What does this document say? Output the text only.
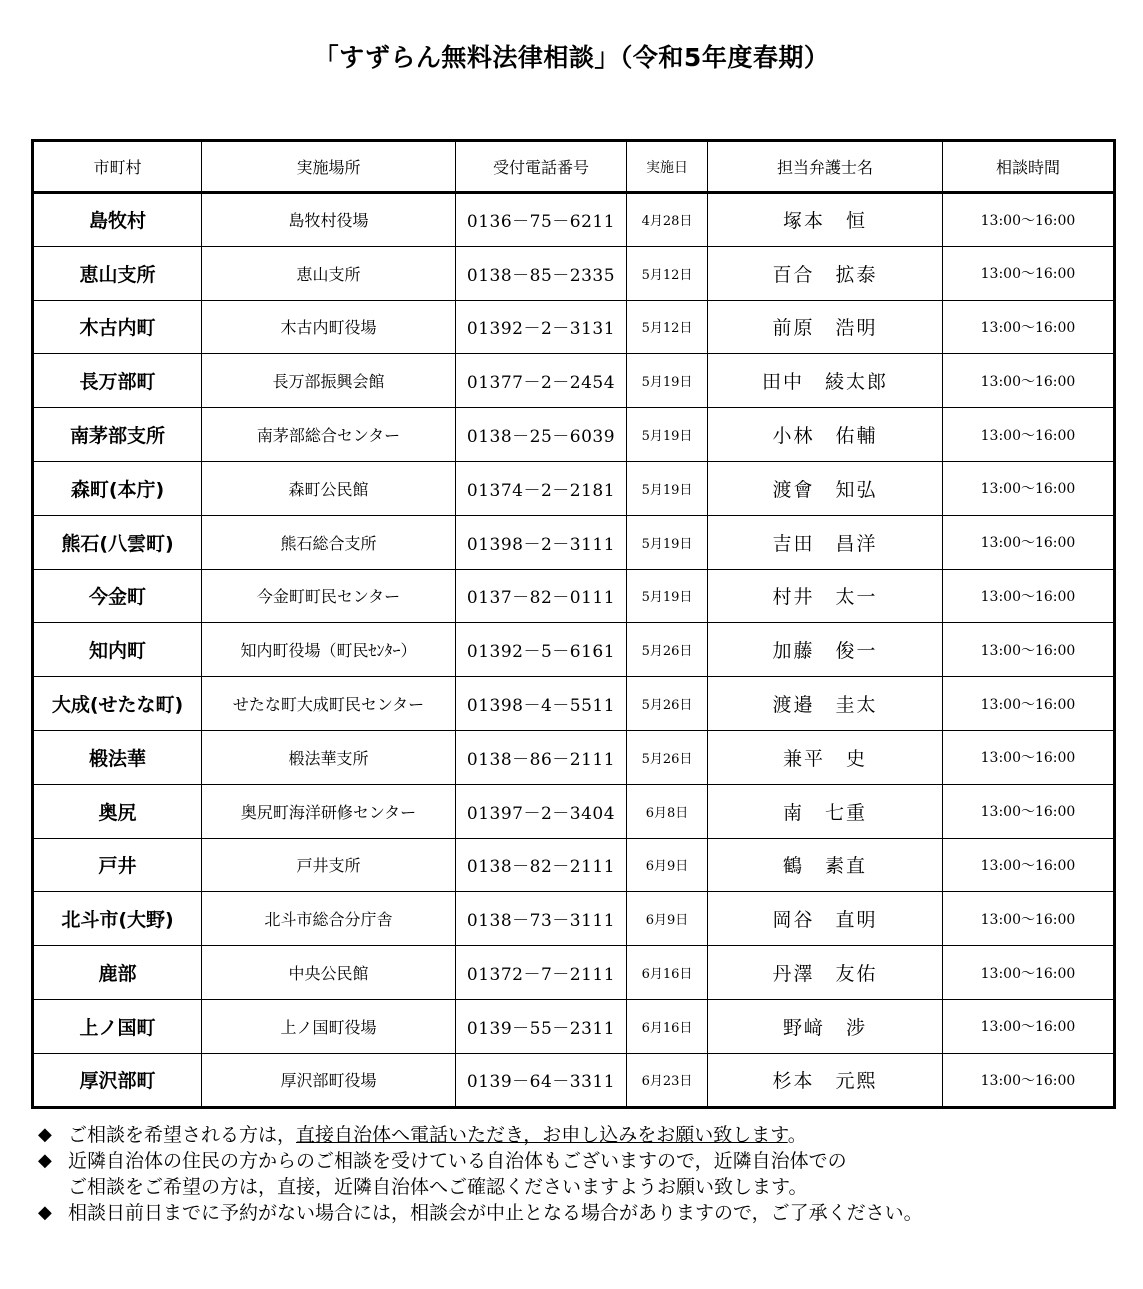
「すずらん無料法律相談」（令和5年度春期）
市町村	実施場所	受付電話番号	実施日	担当弁護士名	相談時間
島牧村	島牧村役場	0136－75－6211	4月28日	塚本　恒	13:00～16:00
恵山支所	恵山支所	0138－85－2335	5月12日	百合　拡泰	13:00～16:00
木古内町	木古内町役場	01392－2－3131	5月12日	前原　浩明	13:00～16:00
長万部町	長万部振興会館	01377－2－2454	5月19日	田中　綾太郎	13:00～16:00
南茅部支所	南茅部総合センター	0138－25－6039	5月19日	小林　佑輔	13:00～16:00
森町(本庁)	森町公民館	01374－2－2181	5月19日	渡會　知弘	13:00～16:00
熊石(八雲町)	熊石総合支所	01398－2－3111	5月19日	吉田　昌洋	13:00～16:00
今金町	今金町町民センター	0137－82－0111	5月19日	村井　太一	13:00～16:00
知内町	知内町役場（町民ｾﾝﾀｰ）	01392－5－6161	5月26日	加藤　俊一	13:00～16:00
大成(せたな町)	せたな町大成町民センター	01398－4－5511	5月26日	渡邉　圭太	13:00～16:00
椴法華	椴法華支所	0138－86－2111	5月26日	兼平　史	13:00～16:00
奥尻	奥尻町海洋研修センター	01397－2－3404	6月8日	南　七重	13:00～16:00
戸井	戸井支所	0138－82－2111	6月9日	鶴　素直	13:00～16:00
北斗市(大野)	北斗市総合分庁舎	0138－73－3111	6月9日	岡谷　直明	13:00～16:00
鹿部	中央公民館	01372－7－2111	6月16日	丹澤　友佑	13:00～16:00
上ノ国町	上ノ国町役場	0139－55－2311	6月16日	野﨑　涉	13:00～16:00
厚沢部町	厚沢部町役場	0139－64－3311	6月23日	杉本　元熙	13:00～16:00
◆ ご相談を希望される方は，直接自治体へ電話いただき，お申し込みをお願い致します。
◆ 近隣自治体の住民の方からのご相談を受けている自治体もございますので，近隣自治体での
ご相談をご希望の方は，直接，近隣自治体へご確認くださいますようお願い致します。
◆ 相談日前日までに予約がない場合には，相談会が中止となる場合がありますので，ご了承ください。
